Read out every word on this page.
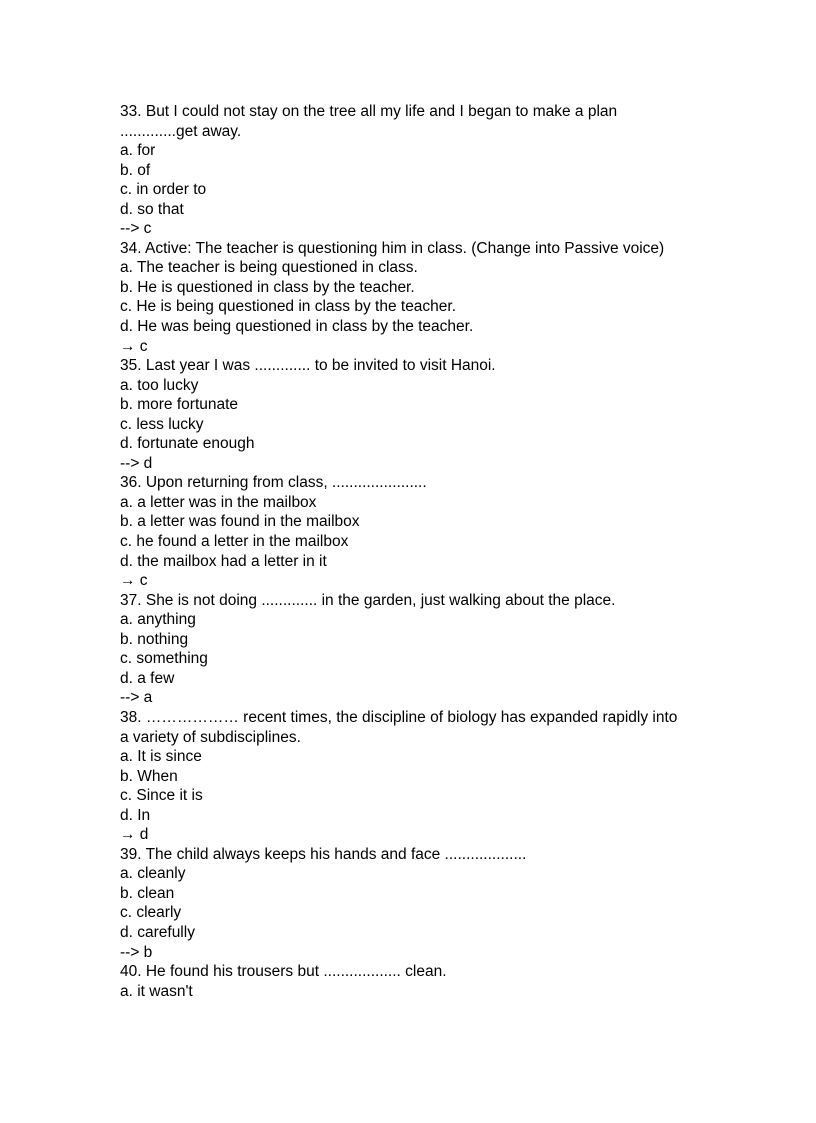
33. But I could not stay on the tree all my life and I began to make a plan
.............get away.
a. for
b. of
c. in order to
d. so that
--> c
34. Active: The teacher is questioning him in class. (Change into Passive voice)
a. The teacher is being questioned in class.
b. He is questioned in class by the teacher.
c. He is being questioned in class by the teacher.
d. He was being questioned in class by the teacher.
→ c
35. Last year I was ............. to be invited to visit Hanoi.
a. too lucky
b. more fortunate
c. less lucky
d. fortunate enough
--> d
36. Upon returning from class, ......................
a. a letter was in the mailbox
b. a letter was found in the mailbox
c. he found a letter in the mailbox
d. the mailbox had a letter in it
→ c
37. She is not doing ............. in the garden, just walking about the place.
a. anything
b. nothing
c. something
d. a few
--> a
38. ……………… recent times, the discipline of biology has expanded rapidly into
a variety of subdisciplines.
a. It is since
b. When
c. Since it is
d. In
→ d
39. The child always keeps his hands and face ...................
a. cleanly
b. clean
c. clearly
d. carefully
--> b
40. He found his trousers but .................. clean.
a. it wasn't
